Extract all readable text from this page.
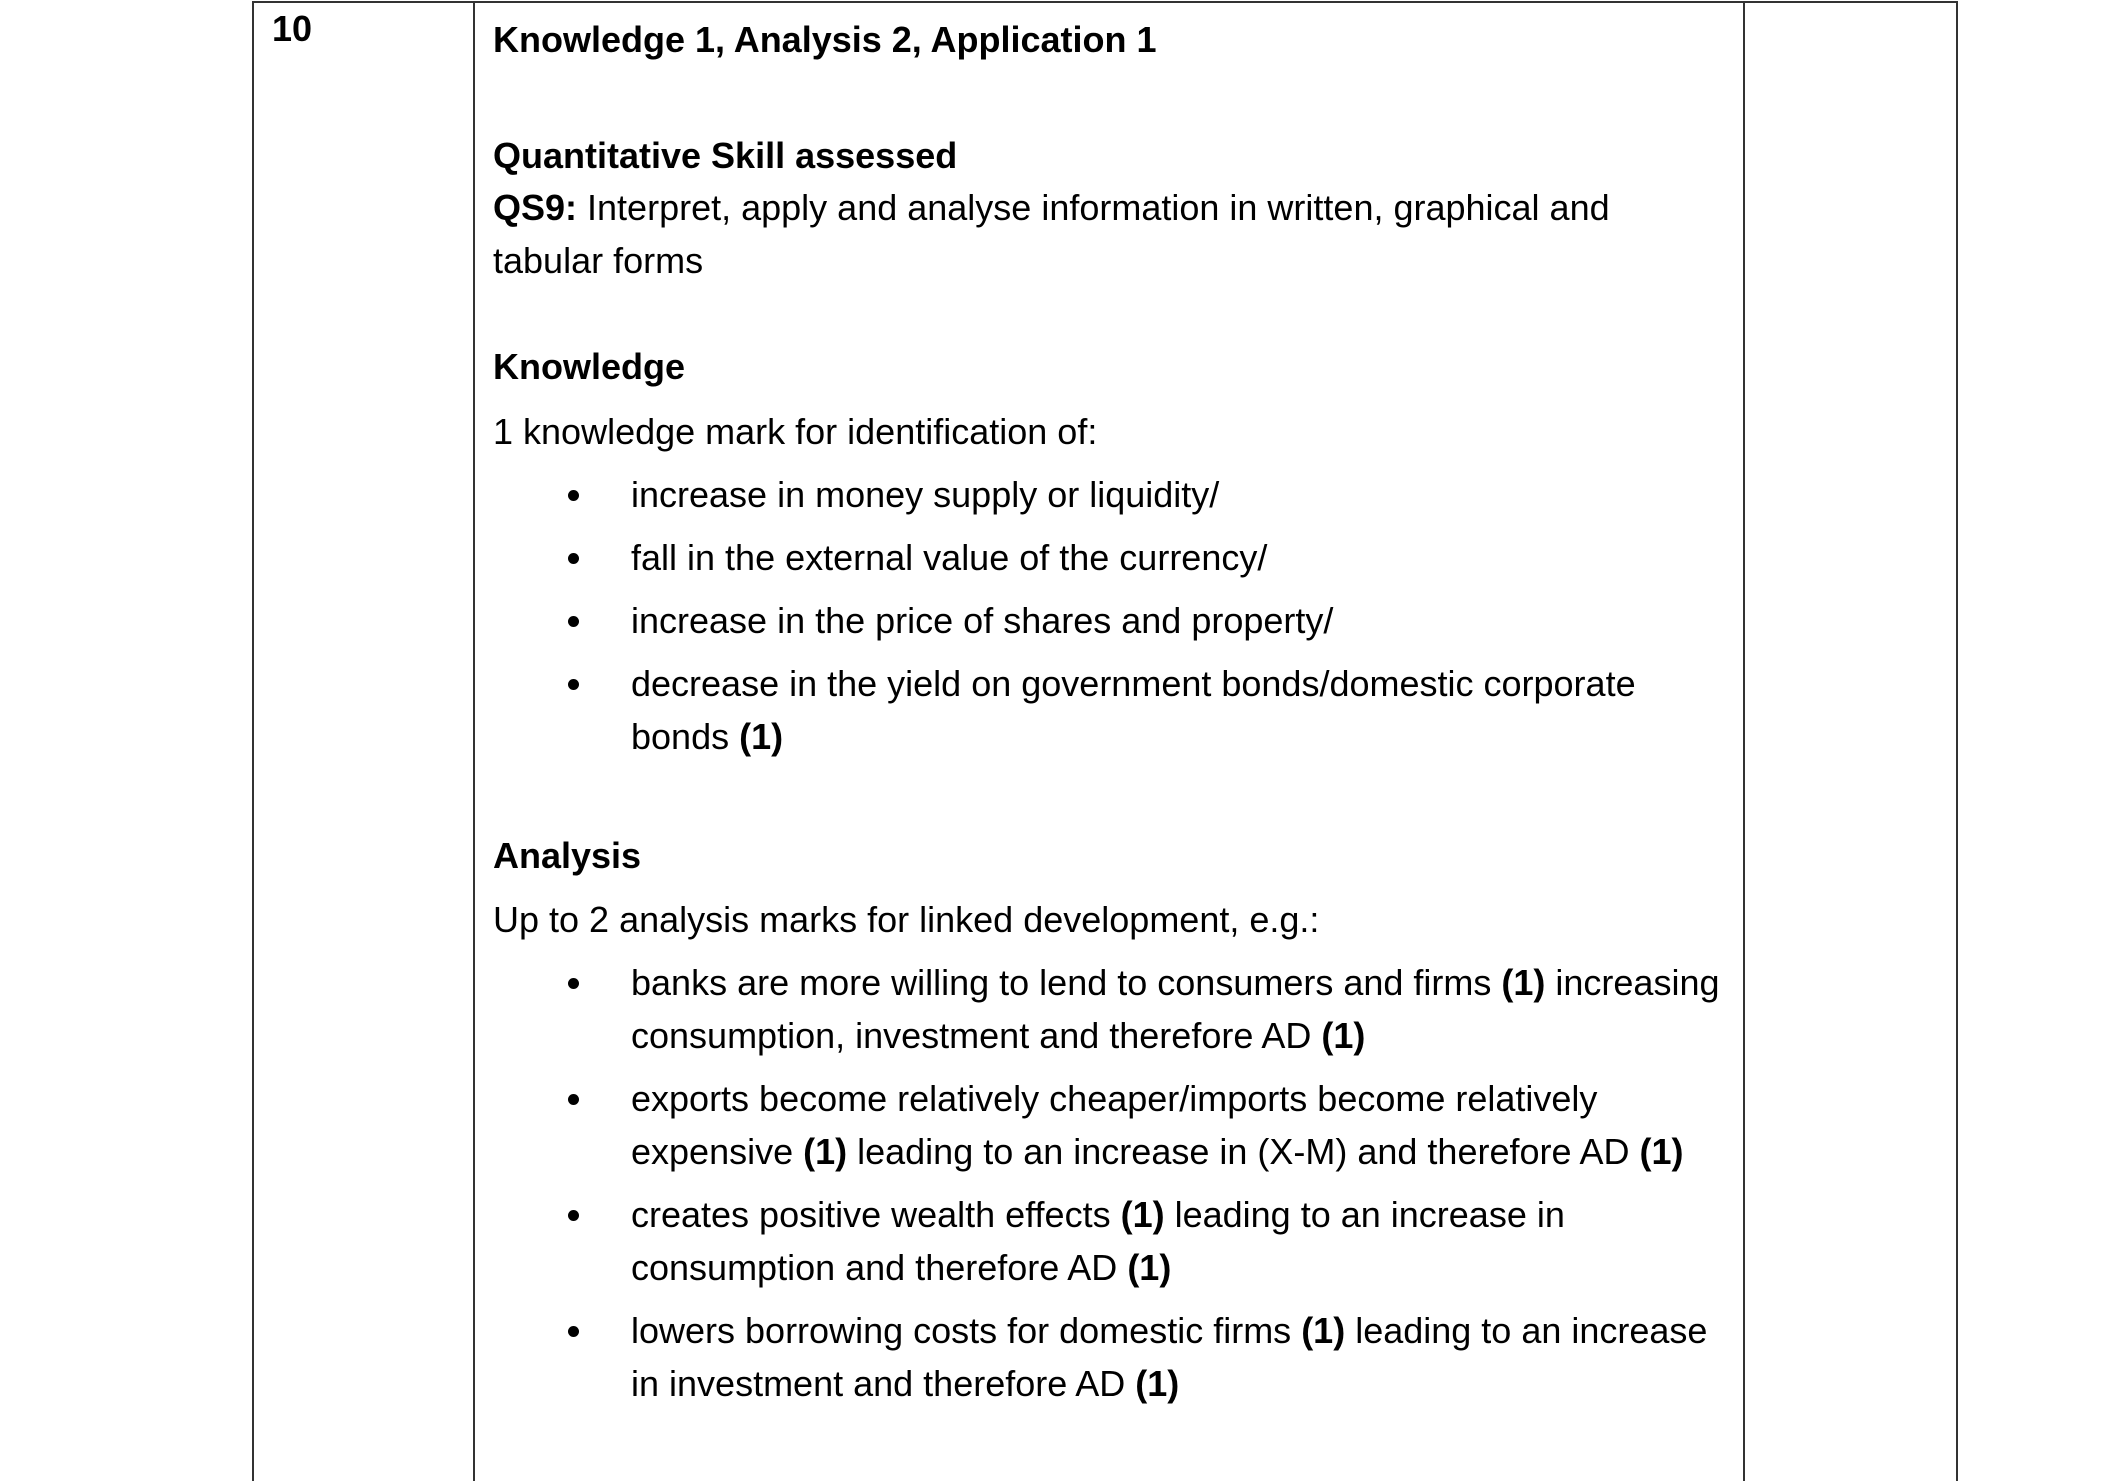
10	Knowledge 1, Analysis 2, Application 1
Quantitative Skill assessed
QS9: Interpret, apply and analyse information in written, graphical and tabular forms
Knowledge
1 knowledge mark for identification of:
increase in money supply or liquidity/
fall in the external value of the currency/
increase in the price of shares and property/
decrease in the yield on government bonds/domestic corporate bonds (1)
Analysis
Up to 2 analysis marks for linked development, e.g.:
banks are more willing to lend to consumers and firms (1) increasing consumption, investment and therefore AD (1)
exports become relatively cheaper/imports become relatively expensive (1) leading to an increase in (X-M) and therefore AD (1)
creates positive wealth effects (1) leading to an increase in consumption and therefore AD (1)
lowers borrowing costs for domestic firms (1) leading to an increase in investment and therefore AD (1)
